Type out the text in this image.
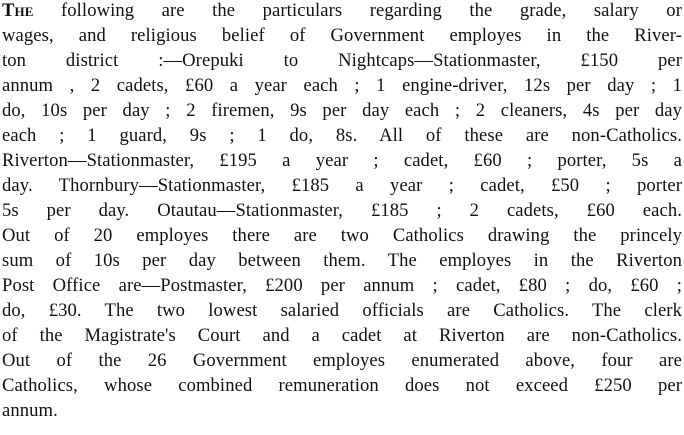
The following are the particulars regarding the grade, salary or
wages, and religious belief of Government employes in the River-
ton district :—Orepuki to Nightcaps—Stationmaster, £150 per
annum , 2 cadets, £60 a year each ; 1 engine-driver, 12s per day ; 1
do, 10s per day ; 2 firemen, 9s per day each ; 2 cleaners, 4s per day
each ; 1 guard, 9s ; 1 do, 8s. All of these are non-Catholics.
Riverton—Stationmaster, £195 a year ; cadet, £60 ; porter, 5s a
day. Thornbury—Stationmaster, £185 a year ; cadet, £50 ; porter
5s per day. Otautau—Stationmaster, £185 ; 2 cadets, £60 each.
Out of 20 employes there are two Catholics drawing the princely
sum of 10s per day between them. The employes in the Riverton
Post Office are—Postmaster, £200 per annum ; cadet, £80 ; do, £60 ;
do, £30. The two lowest salaried officials are Catholics. The clerk
of the Magistrate's Court and a cadet at Riverton are non-Catholics.
Out of the 26 Government employes enumerated above, four are
Catholics, whose combined remuneration does not exceed £250 per
annum.
